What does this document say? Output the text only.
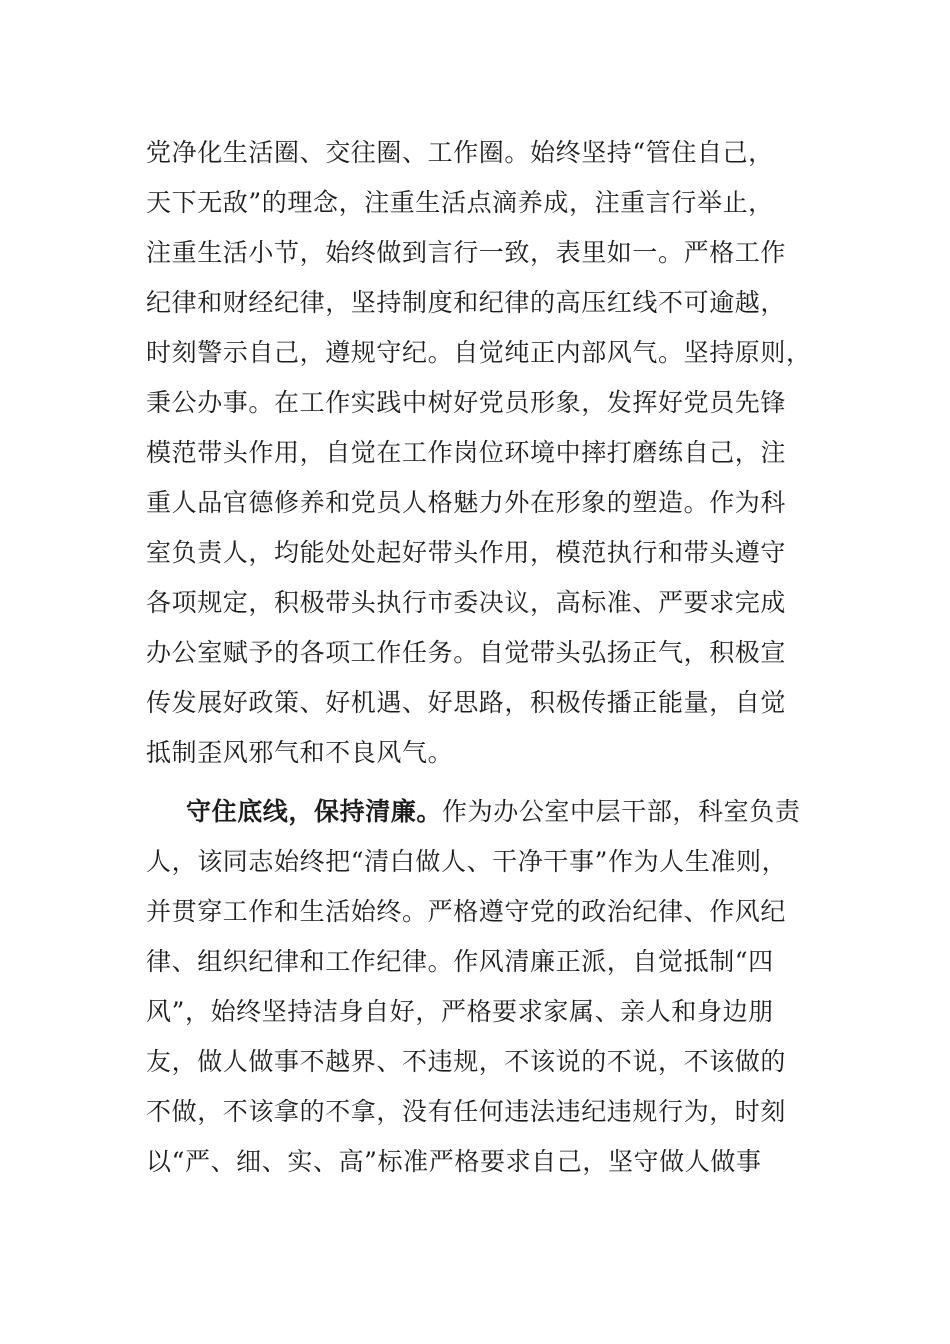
党净化生活圈、交往圈、工作圈。始终坚持“管住自己，
天下无敌”的理念，注重生活点滴养成，注重言行举止，
注重生活小节，始终做到言行一致，表里如一。严格工作
纪律和财经纪律，坚持制度和纪律的高压红线不可逾越，
时刻警示自己，遵规守纪。自觉纯正内部风气。坚持原则，
秉公办事。在工作实践中树好党员形象，发挥好党员先锋
模范带头作用，自觉在工作岗位环境中摔打磨练自己，注
重人品官德修养和党员人格魅力外在形象的塑造。作为科
室负责人，均能处处起好带头作用，模范执行和带头遵守
各项规定，积极带头执行市委决议，高标准、严要求完成
办公室赋予的各项工作任务。自觉带头弘扬正气，积极宣
传发展好政策、好机遇、好思路，积极传播正能量，自觉
抵制歪风邪气和不良风气。
守住底线，保持清廉。作为办公室中层干部，科室负责
人，该同志始终把“清白做人、干净干事”作为人生准则，
并贯穿工作和生活始终。严格遵守党的政治纪律、作风纪
律、组织纪律和工作纪律。作风清廉正派，自觉抵制“四
风”，始终坚持洁身自好，严格要求家属、亲人和身边朋
友，做人做事不越界、不违规，不该说的不说，不该做的
不做，不该拿的不拿，没有任何违法违纪违规行为，时刻
以“严、细、实、高”标准严格要求自己，坚守做人做事
